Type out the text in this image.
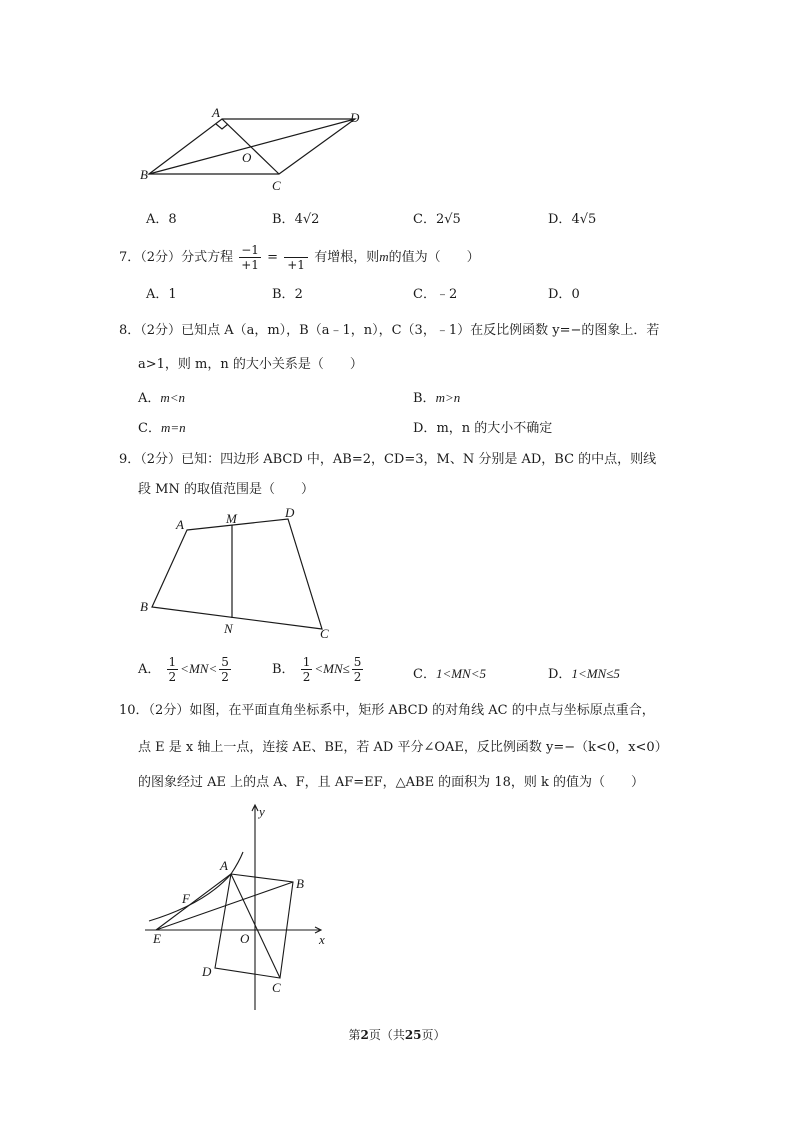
A	D
O
B
C
A．8	B．4√2	C．2√5	D．4√5
7．（2分）分式方程 $\frac{-1}{+1} = +1$ 有增根，则m的值为（　　）
A．1	B．2	C．﹣2	D．0
8．（2分）已知点 A（a，m），B（a﹣1，n），C（3，﹣1）在反比例函数 y=−的图象上．若
a>1，则 m，n 的大小关系是（　　）
A．m<n	B．m>n
C．m=n	D．m，n 的大小不确定
9．（2分）已知：四边形 ABCD 中，AB=2，CD=3，M、N 分别是 AD，BC 的中点，则线
段 MN 的取值范围是（　　）
A	M	D
B
N	C
A． $\frac{1}{2} <MN< \frac{5}{2}$	B． $\frac{1}{2} <MN\le \frac{5}{2}$	C．1<MN<5	D．1<MN≤5
10．（2分）如图，在平面直角坐标系中，矩形 ABCD 的对角线 AC 的中点与坐标原点重合，
点 E 是 x 轴上一点，连接 AE、BE，若 AD 平分∠OAE，反比例函数 y=−（k<0，x<0）
的图象经过 AE 上的点 A、F，且 AF=EF，△ABE 的面积为 18，则 k 的值为（　　）
y
A
B
F
E	O	x
D
C
第2页（共25页）
